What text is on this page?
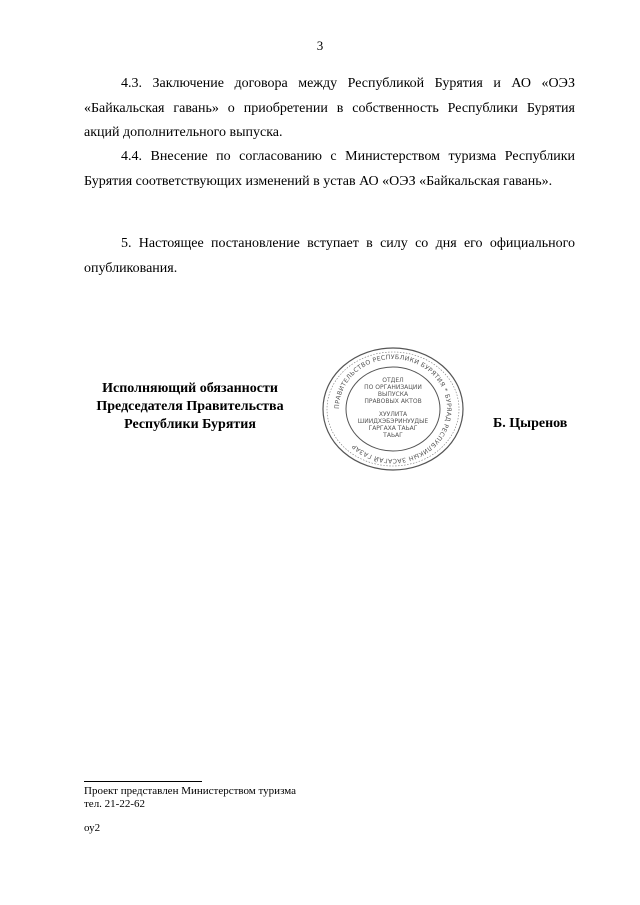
3

4.3. Заключение договора между Республикой Бурятия и АО «ОЭЗ «Байкальская гавань» о приобретении в собственность Республики Бурятия акций дополнительного выпуска.

4.4. Внесение по согласованию с Министерством туризма Республики Бурятия соответствующих изменений в устав АО «ОЭЗ «Байкальская гавань».

5. Настоящее постановление вступает в силу со дня его официального опубликования.

Исполняющий обязанности
Председателя Правительства
Республики Бурятия
ПРАВИТЕЛЬСТВО РЕСПУБЛИКИ БУРЯТИЯ * БУРЯАД РЕСПУБЛИКЫН ЗАСАГАЙ ГАЗАР
ОТДЕЛ
ПО ОРГАНИЗАЦИИ
ВЫПУСКА
ПРАВОВЫХ АКТОВ
ХУУЛИТА
ШИИДХЭБЭРИНУУДЫЕ
ГАРГАХА ТАЬАГ
ТАЬАГ
Б. Цыренов
Проект представлен Министерством туризма
тел. 21-22-62
оу2
